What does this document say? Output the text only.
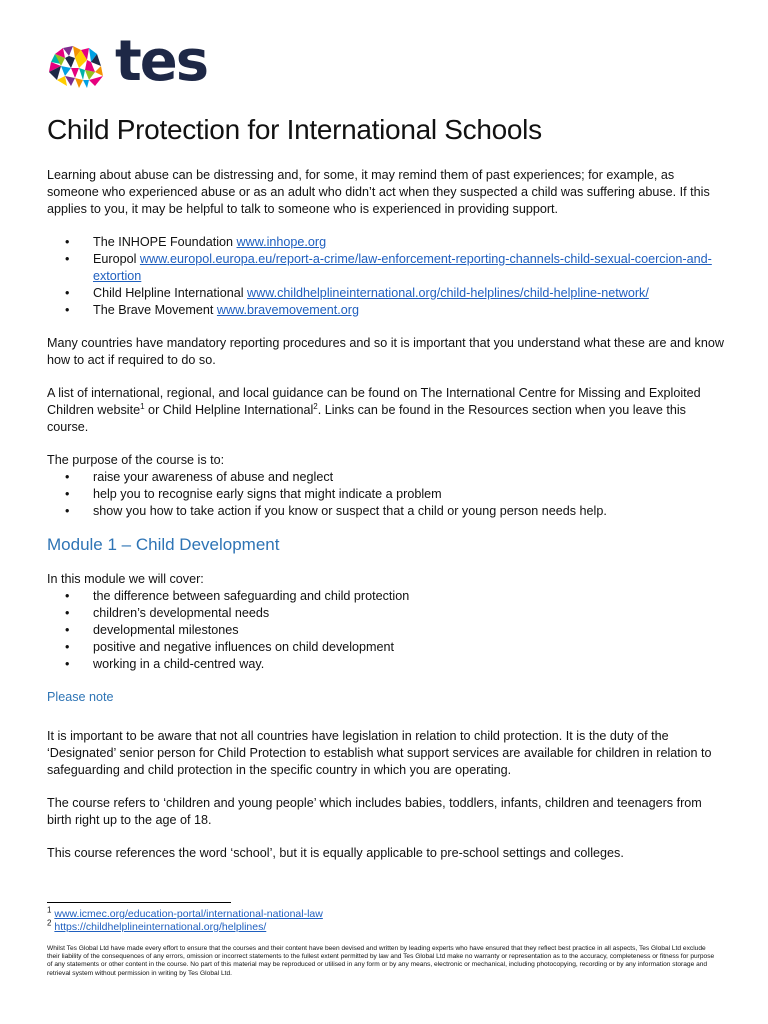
tes
Child Protection for International Schools

Learning about abuse can be distressing and, for some, it may remind them of past experiences; for example, as someone who experienced abuse or as an adult who didn’t act when they suspected a child was suffering abuse. If this applies to you, it may be helpful to talk to someone who is experienced in providing support.

• The INHOPE Foundation www.inhope.org
• Europol www.europol.europa.eu/report-a-crime/law-enforcement-reporting-channels-child-sexual-coercion-and-extortion
• Child Helpline International www.childhelplineinternational.org/child-helplines/child-helpline-network/
• The Brave Movement www.bravemovement.org

Many countries have mandatory reporting procedures and so it is important that you understand what these are and know how to act if required to do so.

A list of international, regional, and local guidance can be found on The International Centre for Missing and Exploited Children website$^1$ or Child Helpline International$^2$. Links can be found in the Resources section when you leave this course.

The purpose of the course is to:

• raise your awareness of abuse and neglect
• help you to recognise early signs that might indicate a problem
• show you how to take action if you know or suspect that a child or young person needs help.
Module 1 – Child Development

In this module we will cover:

• the difference between safeguarding and child protection
• children’s developmental needs
• developmental milestones
• positive and negative influences on child development
• working in a child-centred way.
Please note

It is important to be aware that not all countries have legislation in relation to child protection. It is the duty of the ‘Designated’ senior person for Child Protection to establish what support services are available for children in relation to safeguarding and child protection in the specific country in which you are operating.

The course refers to ‘children and young people’ which includes babies, toddlers, infants, children and teenagers from birth right up to the age of 18.

This course references the word ‘school’, but it is equally applicable to pre-school settings and colleges.

$^1$ www.icmec.org/education-portal/international-national-law
$^2$ https://childhelplineinternational.org/helplines/
Whilst Tes Global Ltd have made every effort to ensure that the courses and their content have been devised and written by leading experts who have ensured that they reflect best practice in all aspects, Tes Global Ltd exclude their liability of the consequences of any errors, omission or incorrect statements to the fullest extent permitted by law and Tes Global Ltd make no warranty or representation as to the accuracy, completeness or fitness for purpose of any statements or other content in the course. No part of this material may be reproduced or utilised in any form or by any means, electronic or mechanical, including photocopying, recording or by any information storage and retrieval system without permission in writing by Tes Global Ltd.
